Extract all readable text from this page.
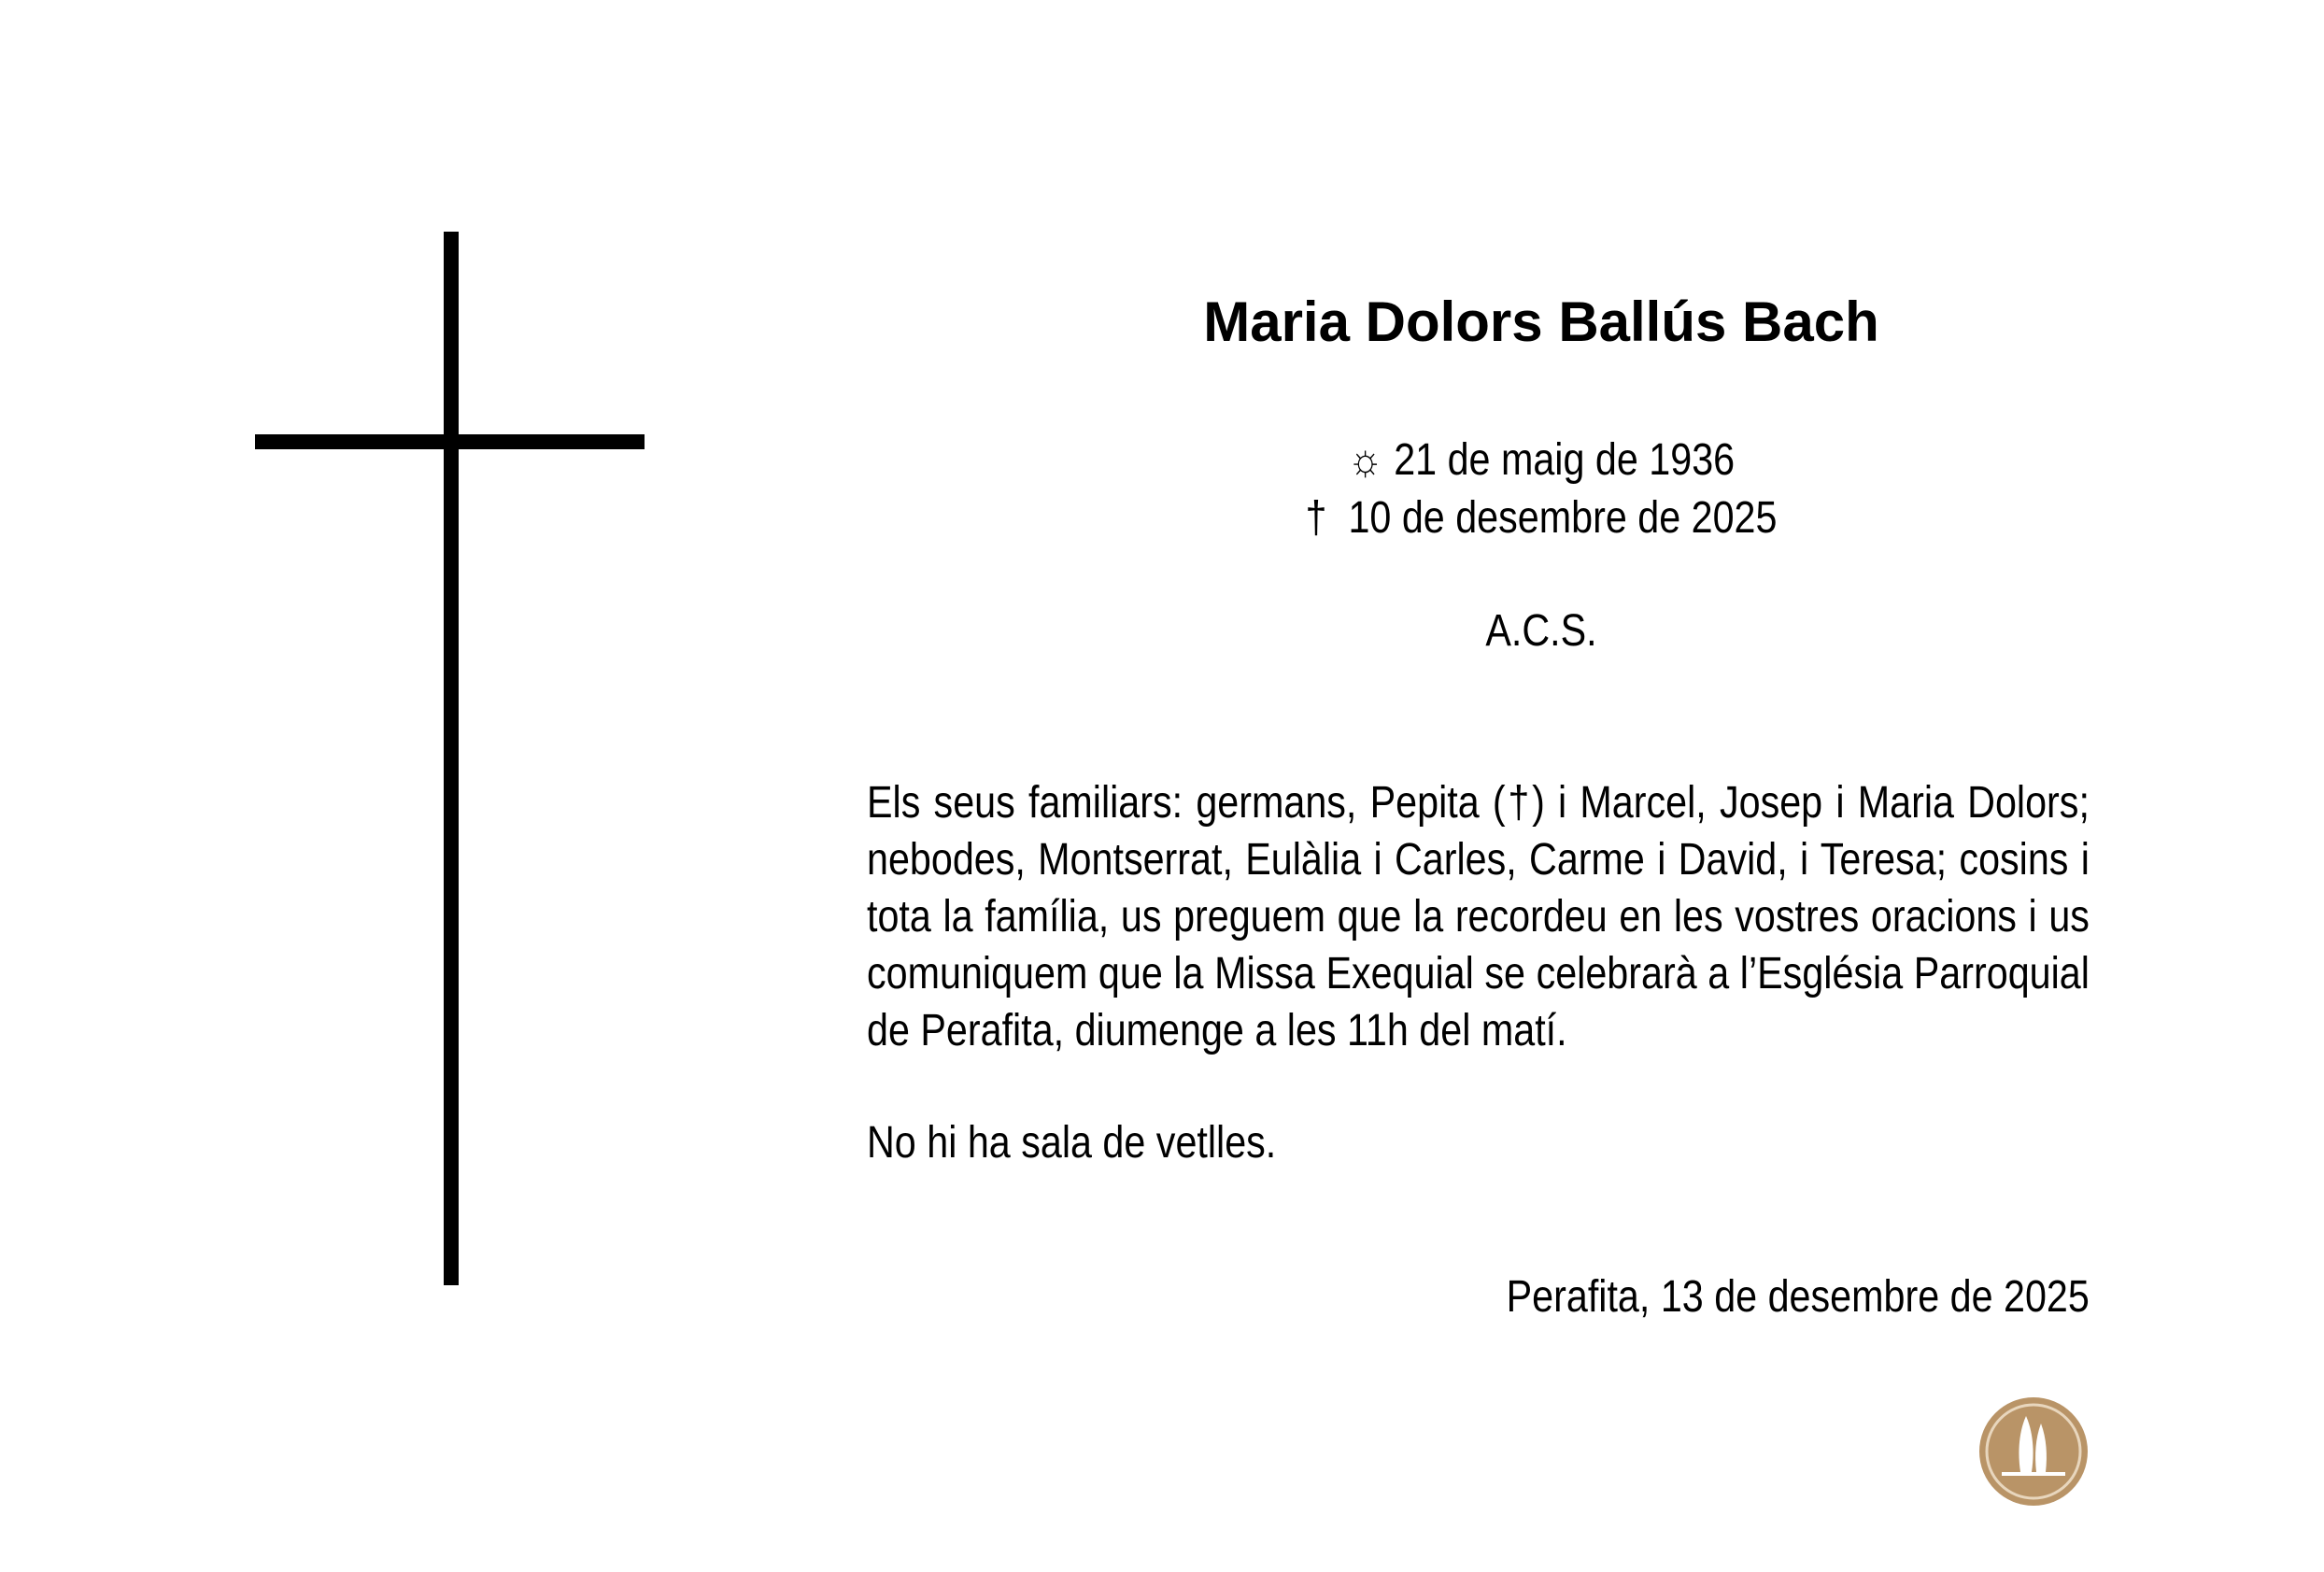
Maria Dolors Ballús Bach
☼ 21 de maig de 1936
† 10 de desembre de 2025
A.C.S.

Els seus familiars: germans, Pepita (†) i Marcel, Josep i Maria Dolors; nebodes, Montserrat, Eulàlia i Carles, Carme i David, i Teresa; cosins i tota la família, us preguem que la recordeu en les vostres oracions i us comuniquem que la Missa Exequial se celebrarà a l’Església Parroquial de Perafita, diumenge a les 11h del matí.

No hi ha sala de vetlles.
Perafita, 13 de desembre de 2025
